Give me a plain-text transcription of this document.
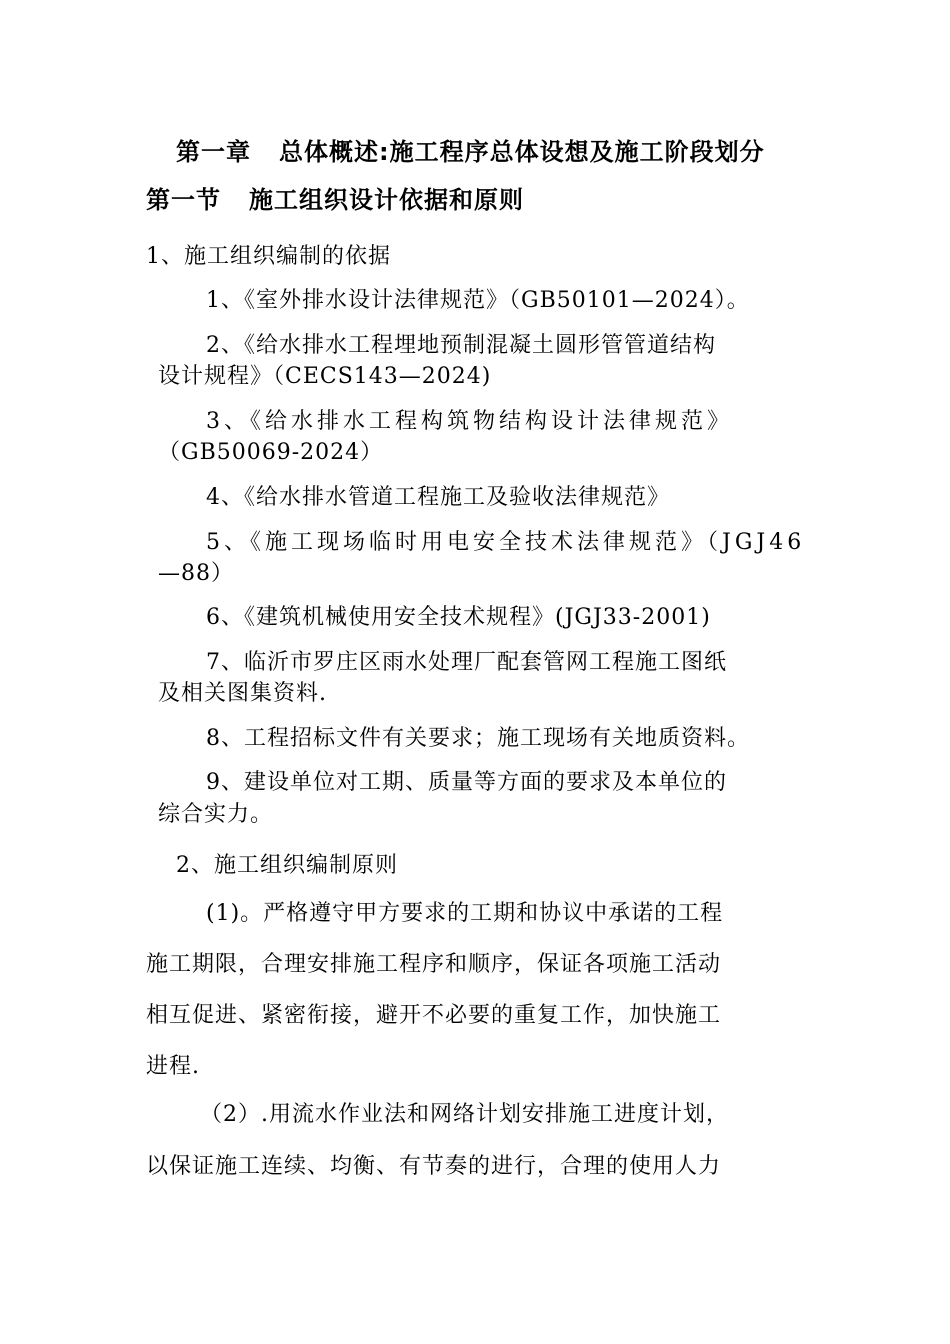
第一章 总体概述:施工程序总体设想及施工阶段划分
第一节 施工组织设计依据和原则
1、施工组织编制的依据
1、《室外排水设计法律规范》（GB50101—2024）。
2、《给水排水工程埋地预制混凝土圆形管管道结构
设计规程》（CECS143—2024)
3、《给水排水工程构筑物结构设计法律规范》
（GB50069-2024）
4、《给水排水管道工程施工及验收法律规范》
5、《施工现场临时用电安全技术法律规范》（JGJ46
—88）
6、《建筑机械使用安全技术规程》(JGJ33-2001)
7、临沂市罗庄区雨水处理厂配套管网工程施工图纸
及相关图集资料.
8、工程招标文件有关要求；施工现场有关地质资料。
9、建设单位对工期、质量等方面的要求及本单位的
综合实力。
2、施工组织编制原则
(1)。严格遵守甲方要求的工期和协议中承诺的工程
施工期限，合理安排施工程序和顺序，保证各项施工活动
相互促进、紧密衔接，避开不必要的重复工作，加快施工
进程.
（2）.用流水作业法和网络计划安排施工进度计划，
以保证施工连续、均衡、有节奏的进行，合理的使用人力
